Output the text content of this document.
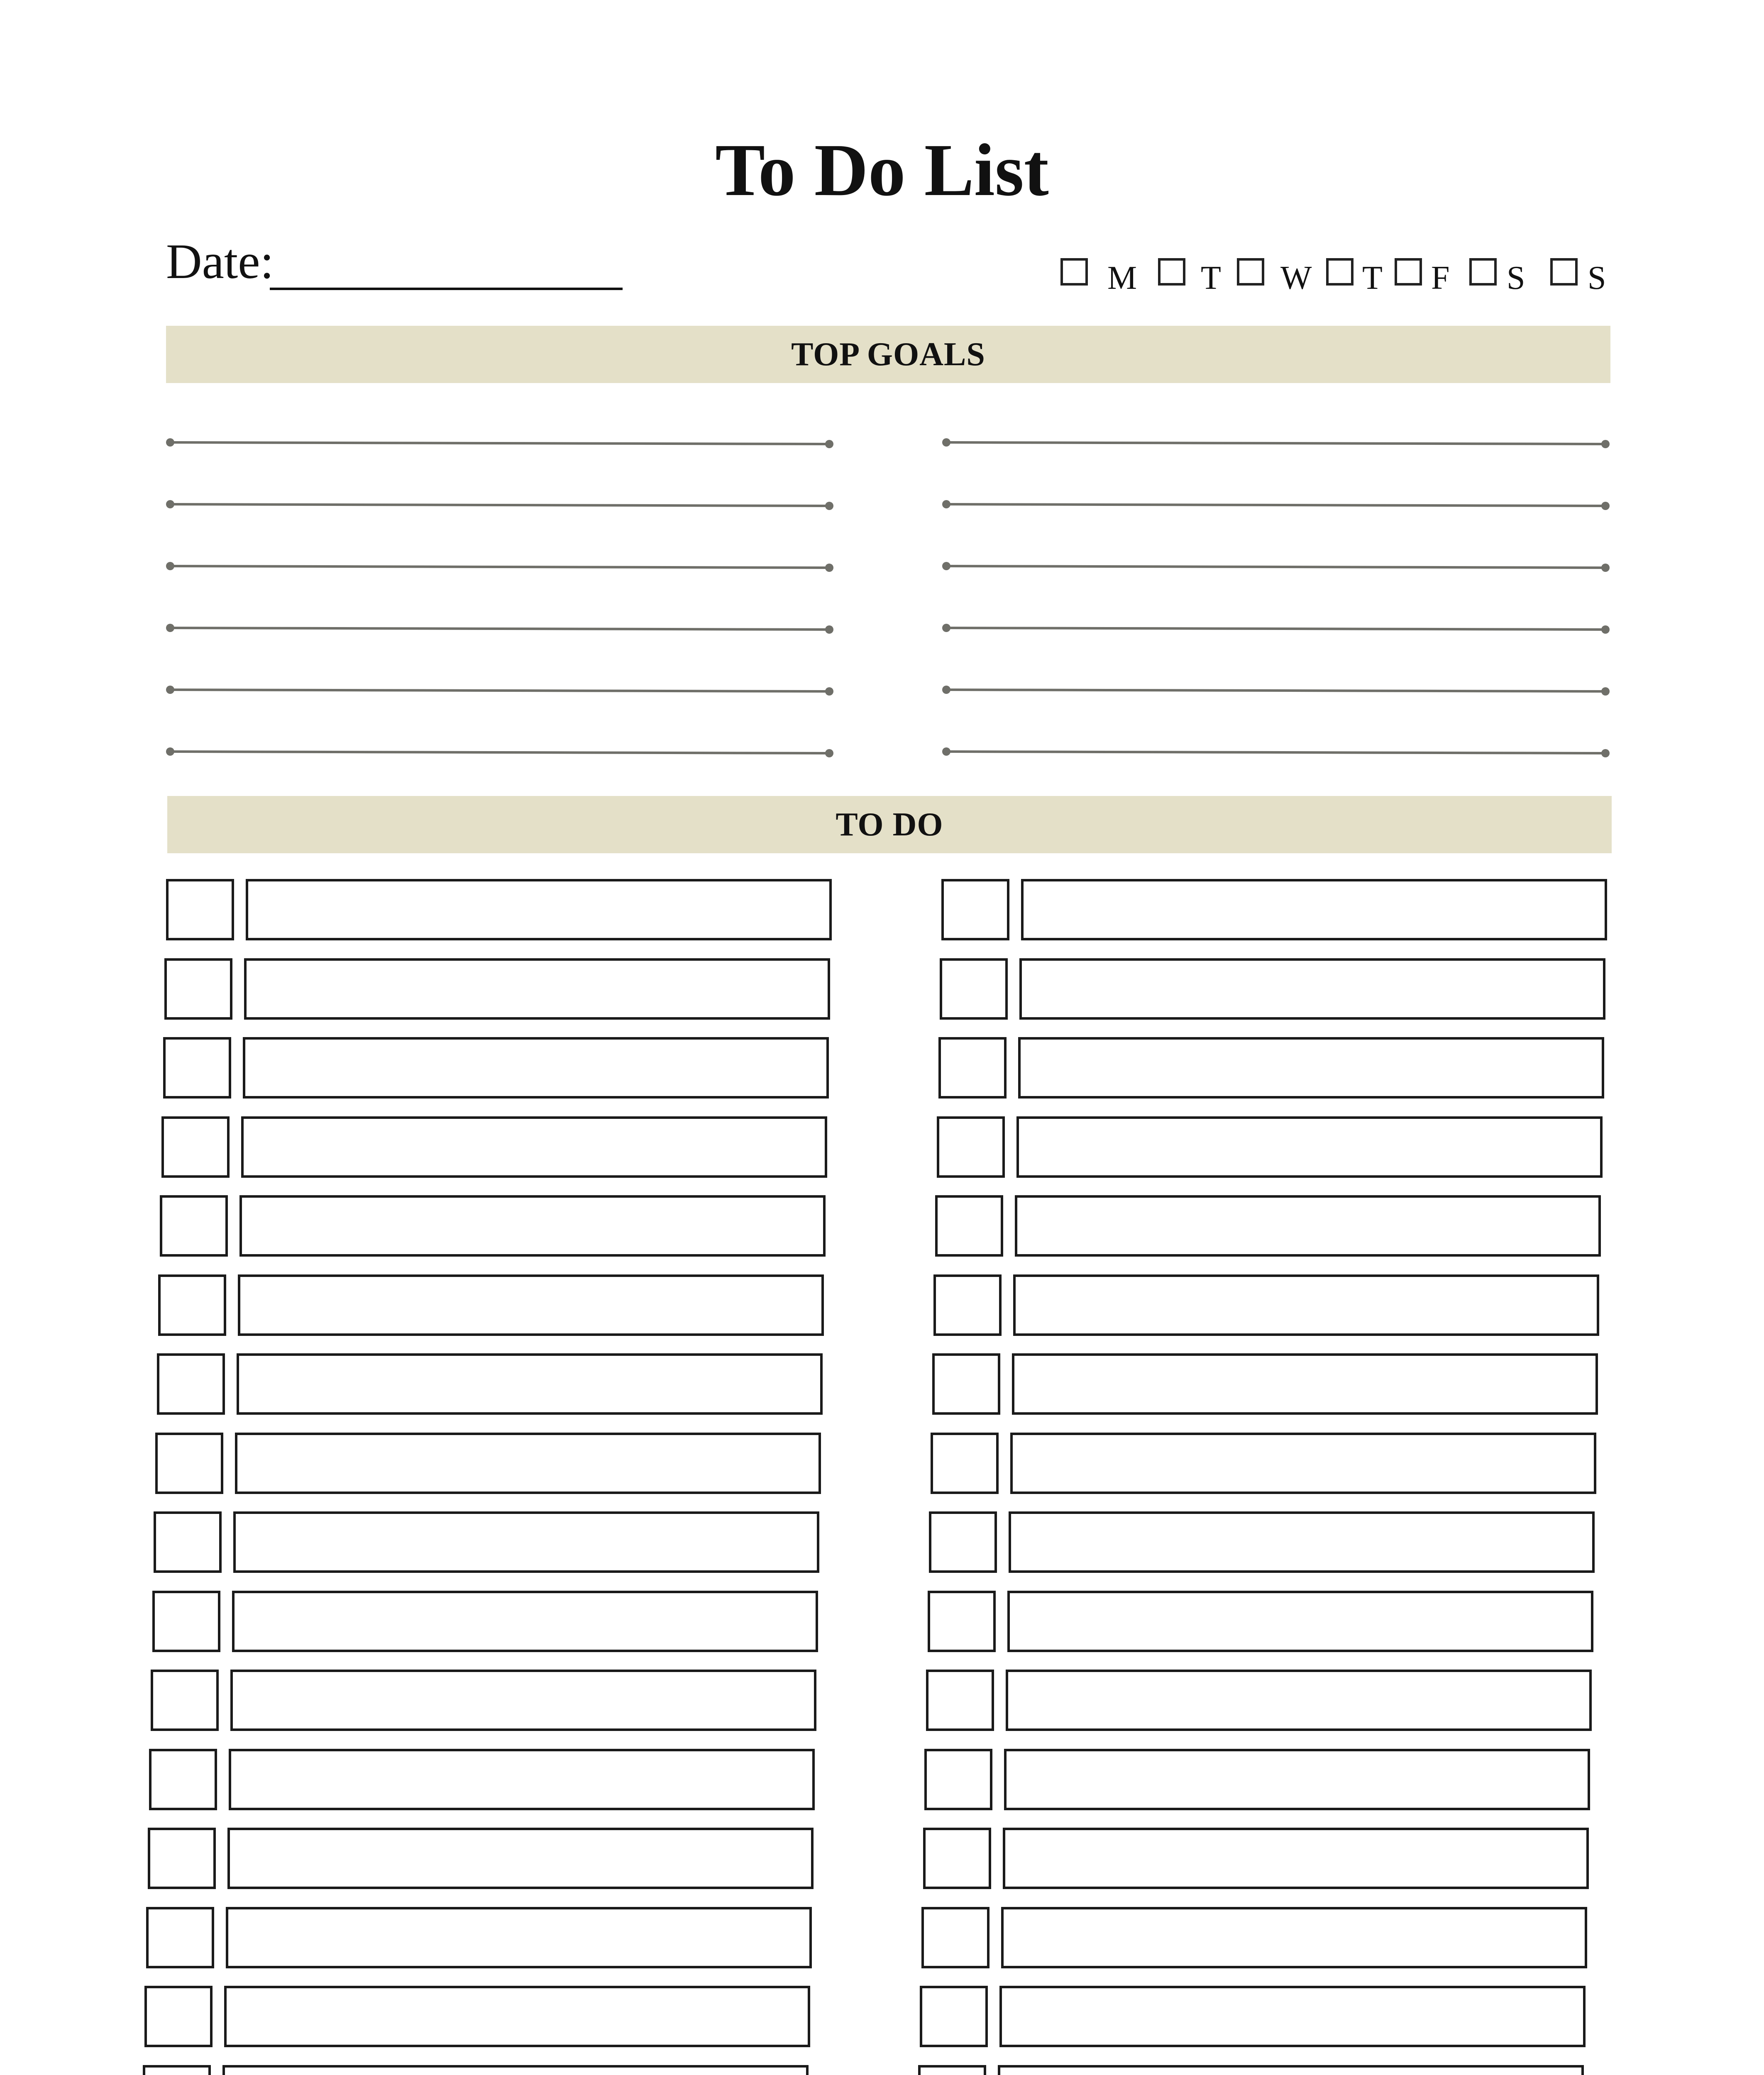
To Do List
Date:	M T W T F S S
TOP GOALS
TO DO
